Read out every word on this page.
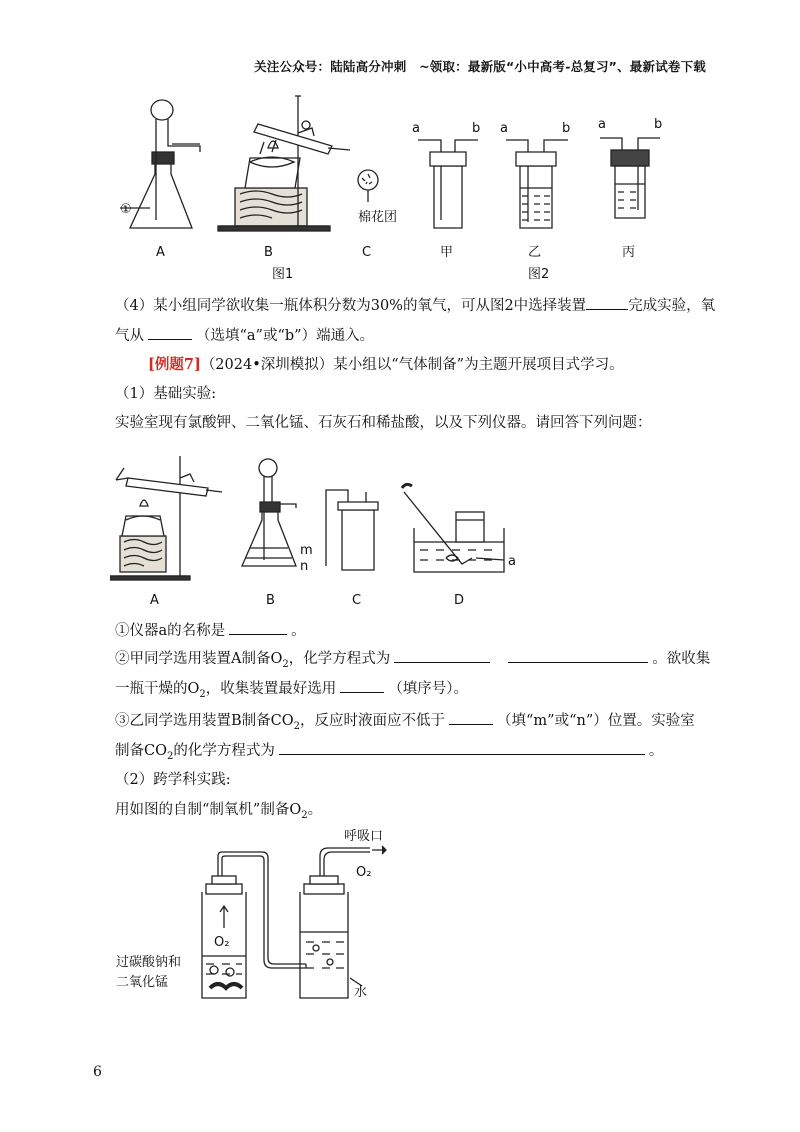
关注公众号：陆陆高分冲刺　~领取：最新版“小中高考-总复习”、最新试卷下载
①
A	B	C
棉花团
图1
甲	乙	丙
a	b a	b a	b
图2
（4）某小组同学欲收集一瓶体积分数为30%的氧气，可从图2中选择装置	完成实验，氧
气从	（选填“a”或“b”）端通入。
[例题7]（2024•深圳模拟）某小组以“气体制备”为主题开展项目式学习。
（1）基础实验:
实验室现有氯酸钾、二氧化锰、石灰石和稀盐酸，以及下列仪器。请回答下列问题：
m
n	a
A	B	C	D
①仪器a的名称是	。
②甲同学选用装置A制备$O_2$，化学方程式为	。欲收集
一瓶干燥的$O_2$，收集装置最好选用	（填序号）。
③乙同学选用装置B制备$CO_2$，反应时液面应不低于	（填“m”或“n”）位置。实验室
制备$CO_2$的化学方程式为	。
（2）跨学科实践:
用如图的自制“制氧机”制备$O_2$。
呼吸口
O₂
O₂
过碳酸钠和
二氧化锰
水
6
